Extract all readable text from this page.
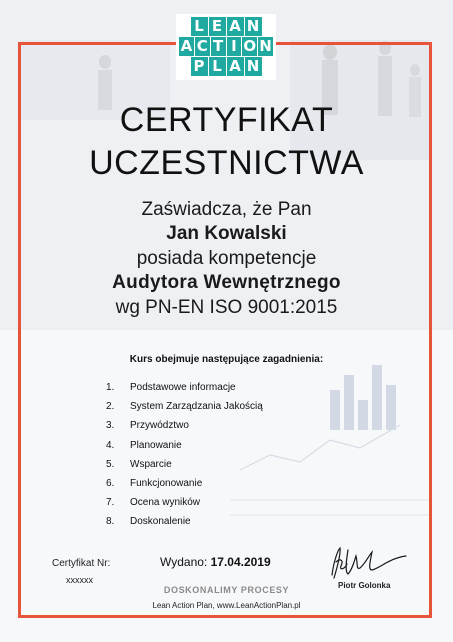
L E A N
A C T I O N
P L A N
CERTYFIKAT
UCZESTNICTWA
Zaświadcza, że Pan
Jan Kowalski
posiada kompetencje
Audytora Wewnętrznego
wg PN-EN ISO 9001:2015
Kurs obejmuje następujące zagadnienia:
1.	Podstawowe informacje
2.	System Zarządzania Jakością
3.	Przywództwo
4.	Planowanie
5.	Wsparcie
6.	Funkcjonowanie
7.	Ocena wyników
8.	Doskonalenie
Certyfikat Nr:
xxxxxx
Wydano: 17.04.2019
Piotr Golonka
DOSKONALIMY PROCESY
Lean Action Plan, www.LeanActionPlan.pl
